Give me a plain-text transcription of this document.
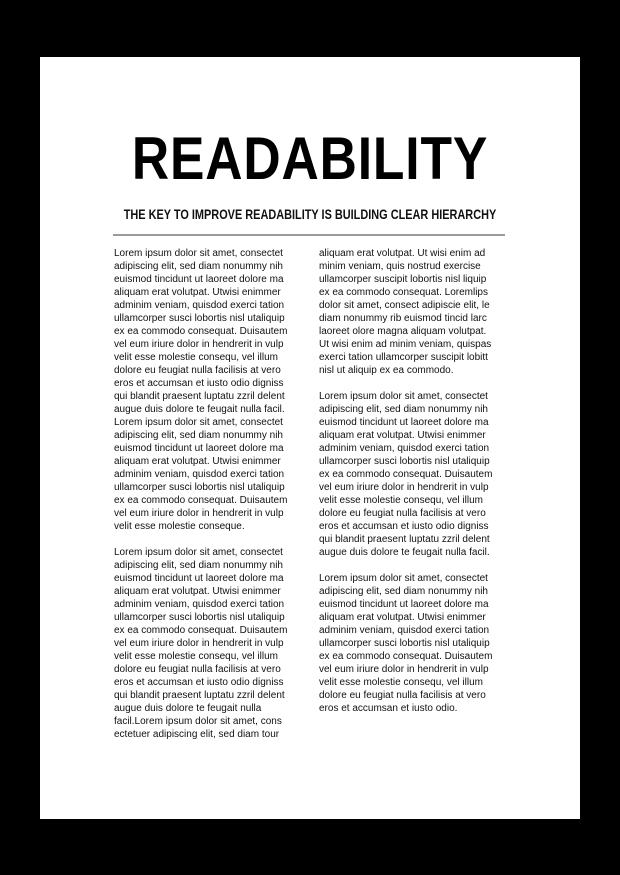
READABILITY
THE KEY TO IMPROVE READABILITY IS BUILDING CLEAR HIERARCHY

Lorem ipsum dolor sit amet, consectet
adipiscing elit, sed diam nonummy nih
euismod tincidunt ut laoreet dolore ma
aliquam erat volutpat. Utwisi enimmer
adminim veniam, quisdod exerci tation
ullamcorper susci lobortis nisl utaliquip
ex ea commodo consequat. Duisautem
vel eum iriure dolor in hendrerit in vulp
velit esse molestie consequ, vel illum
dolore eu feugiat nulla facilisis at vero
eros et accumsan et iusto odio digniss
qui blandit praesent luptatu zzril delent
augue duis dolore te feugait nulla facil.
Lorem ipsum dolor sit amet, consectet
adipiscing elit, sed diam nonummy nih
euismod tincidunt ut laoreet dolore ma
aliquam erat volutpat. Utwisi enimmer
adminim veniam, quisdod exerci tation
ullamcorper susci lobortis nisl utaliquip
ex ea commodo consequat. Duisautem
vel eum iriure dolor in hendrerit in vulp
velit esse molestie conseque.

Lorem ipsum dolor sit amet, consectet
adipiscing elit, sed diam nonummy nih
euismod tincidunt ut laoreet dolore ma
aliquam erat volutpat. Utwisi enimmer
adminim veniam, quisdod exerci tation
ullamcorper susci lobortis nisl utaliquip
ex ea commodo consequat. Duisautem
vel eum iriure dolor in hendrerit in vulp
velit esse molestie consequ, vel illum
dolore eu feugiat nulla facilisis at vero
eros et accumsan et iusto odio digniss
qui blandit praesent luptatu zzril delent
augue duis dolore te feugait nulla
facil.Lorem ipsum dolor sit amet, cons
ectetuer adipiscing elit, sed diam tour

aliquam erat volutpat. Ut wisi enim ad
minim veniam, quis nostrud exercise
ullamcorper suscipit lobortis nisl liquip
ex ea commodo consequat. Loremlips
dolor sit amet, consect adipiscie elit, le
diam nonummy rib euismod tincid larc
laoreet olore magna aliquam volutpat.
Ut wisi enim ad minim veniam, quispas
exerci tation ullamcorper suscipit lobitt
nisl ut aliquip ex ea commodo.

Lorem ipsum dolor sit amet, consectet
adipiscing elit, sed diam nonummy nih
euismod tincidunt ut laoreet dolore ma
aliquam erat volutpat. Utwisi enimmer
adminim veniam, quisdod exerci tation
ullamcorper susci lobortis nisl utaliquip
ex ea commodo consequat. Duisautem
vel eum iriure dolor in hendrerit in vulp
velit esse molestie consequ, vel illum
dolore eu feugiat nulla facilisis at vero
eros et accumsan et iusto odio digniss
qui blandit praesent luptatu zzril delent
augue duis dolore te feugait nulla facil.

Lorem ipsum dolor sit amet, consectet
adipiscing elit, sed diam nonummy nih
euismod tincidunt ut laoreet dolore ma
aliquam erat volutpat. Utwisi enimmer
adminim veniam, quisdod exerci tation
ullamcorper susci lobortis nisl utaliquip
ex ea commodo consequat. Duisautem
vel eum iriure dolor in hendrerit in vulp
velit esse molestie consequ, vel illum
dolore eu feugiat nulla facilisis at vero
eros et accumsan et iusto odio.
